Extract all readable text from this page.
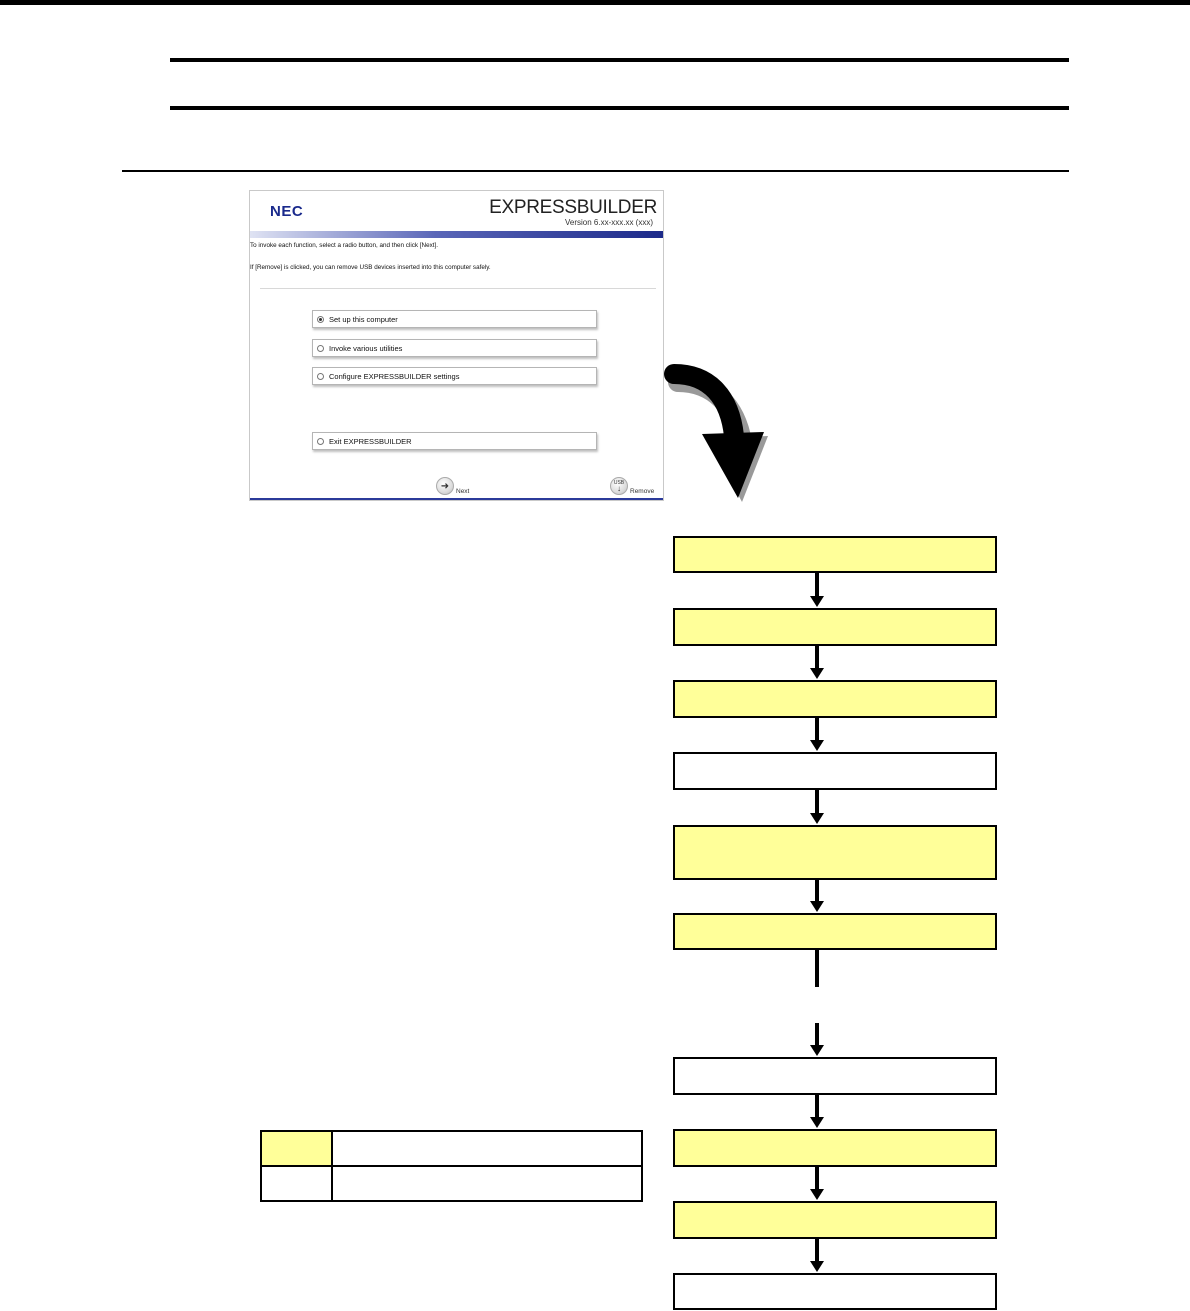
NEC	EXPRESSBUILDER
Version 6.xx-xxx.xx (xxx)
To invoke each function, select a radio button, and then click [Next].
If [Remove] is clicked, you can remove USB devices inserted into this computer safely.
Set up this computer
Invoke various utilities
Configure EXPRESSBUILDER settings
Exit EXPRESSBUILDER
➜	Next
USB
↓ Remove
